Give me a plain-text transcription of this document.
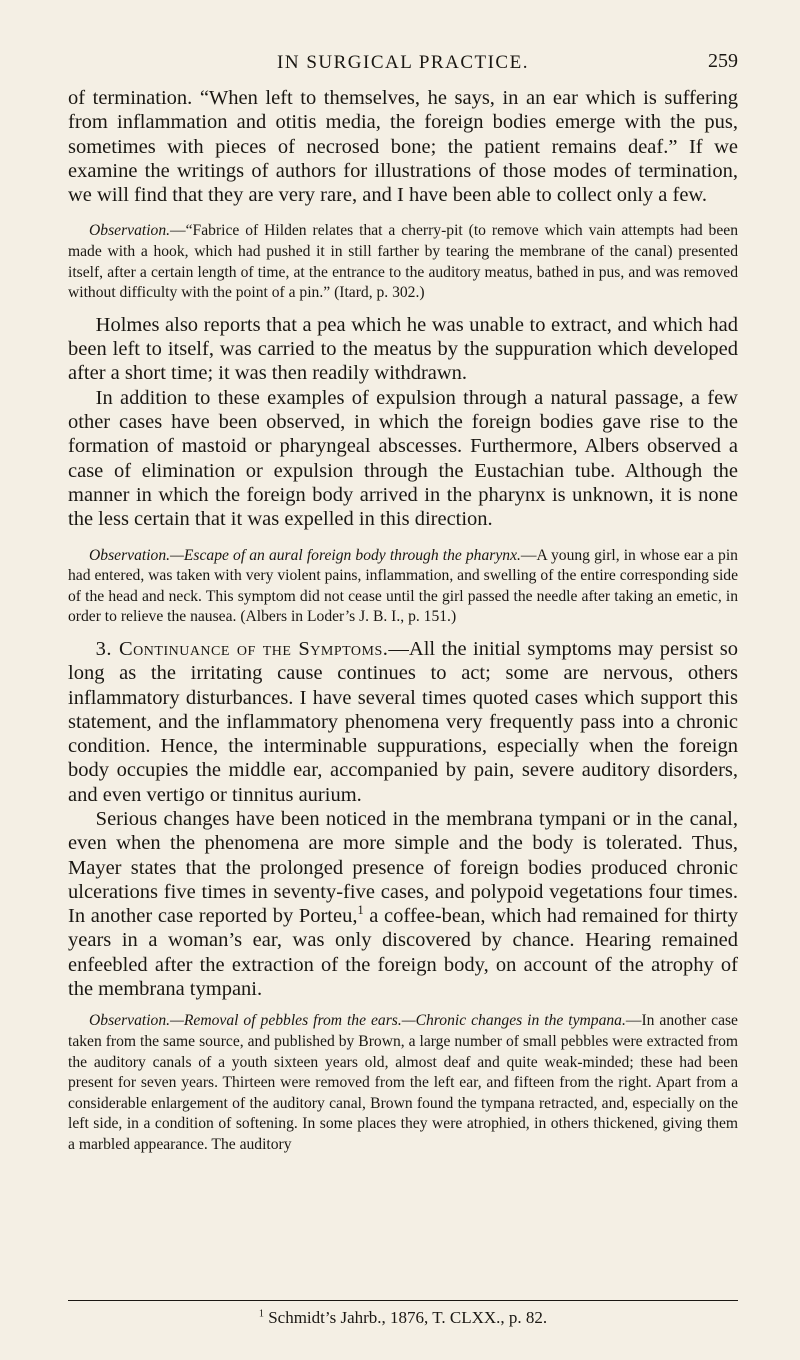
IN SURGICAL PRACTICE.	259

of termination. “When left to themselves, he says, in an ear which is suffering from inflammation and otitis media, the foreign bodies emerge with the pus, sometimes with pieces of necrosed bone; the patient remains deaf.” If we examine the writings of authors for illustrations of those modes of termination, we will find that they are very rare, and I have been able to collect only a few.

Observation.—“Fabrice of Hilden relates that a cherry-pit (to remove which vain attempts had been made with a hook, which had pushed it in still farther by tearing the membrane of the canal) presented itself, after a certain length of time, at the entrance to the auditory meatus, bathed in pus, and was removed without difficulty with the point of a pin.” (Itard, p. 302.)

Holmes also reports that a pea which he was unable to extract, and which had been left to itself, was carried to the meatus by the suppuration which developed after a short time; it was then readily withdrawn.

In addition to these examples of expulsion through a natural passage, a few other cases have been observed, in which the foreign bodies gave rise to the formation of mastoid or pharyngeal abscesses. Furthermore, Albers observed a case of elimination or expulsion through the Eustachian tube. Although the manner in which the foreign body arrived in the pharynx is unknown, it is none the less certain that it was expelled in this direction.

Observation.—Escape of an aural foreign body through the pharynx.—A young girl, in whose ear a pin had entered, was taken with very violent pains, inflammation, and swelling of the entire corresponding side of the head and neck. This symptom did not cease until the girl passed the needle after taking an emetic, in order to relieve the nausea. (Albers in Loder’s J. B. I., p. 151.)

3. Continuance of the Symptoms.—All the initial symptoms may persist so long as the irritating cause continues to act; some are nervous, others inflammatory disturbances. I have several times quoted cases which support this statement, and the inflammatory phenomena very frequently pass into a chronic condition. Hence, the interminable suppurations, especially when the foreign body occupies the middle ear, accompanied by pain, severe auditory disorders, and even vertigo or tinnitus aurium.

Serious changes have been noticed in the membrana tympani or in the canal, even when the phenomena are more simple and the body is tolerated. Thus, Mayer states that the prolonged presence of foreign bodies produced chronic ulcerations five times in seventy-five cases, and polypoid vegetations four times. In another case reported by Porteu,$^1$ a coffee-bean, which had remained for thirty years in a woman’s ear, was only discovered by chance. Hearing remained enfeebled after the extraction of the foreign body, on account of the atrophy of the membrana tympani.

Observation.—Removal of pebbles from the ears.—Chronic changes in the tympana.—In another case taken from the same source, and published by Brown, a large number of small pebbles were extracted from the auditory canals of a youth sixteen years old, almost deaf and quite weak-minded; these had been present for seven years. Thirteen were removed from the left ear, and fifteen from the right. Apart from a considerable enlargement of the auditory canal, Brown found the tympana retracted, and, especially on the left side, in a condition of softening. In some places they were atrophied, in others thickened, giving them a marbled appearance. The auditory

$^1$ Schmidt’s Jahrb., 1876, T. CLXX., p. 82.
